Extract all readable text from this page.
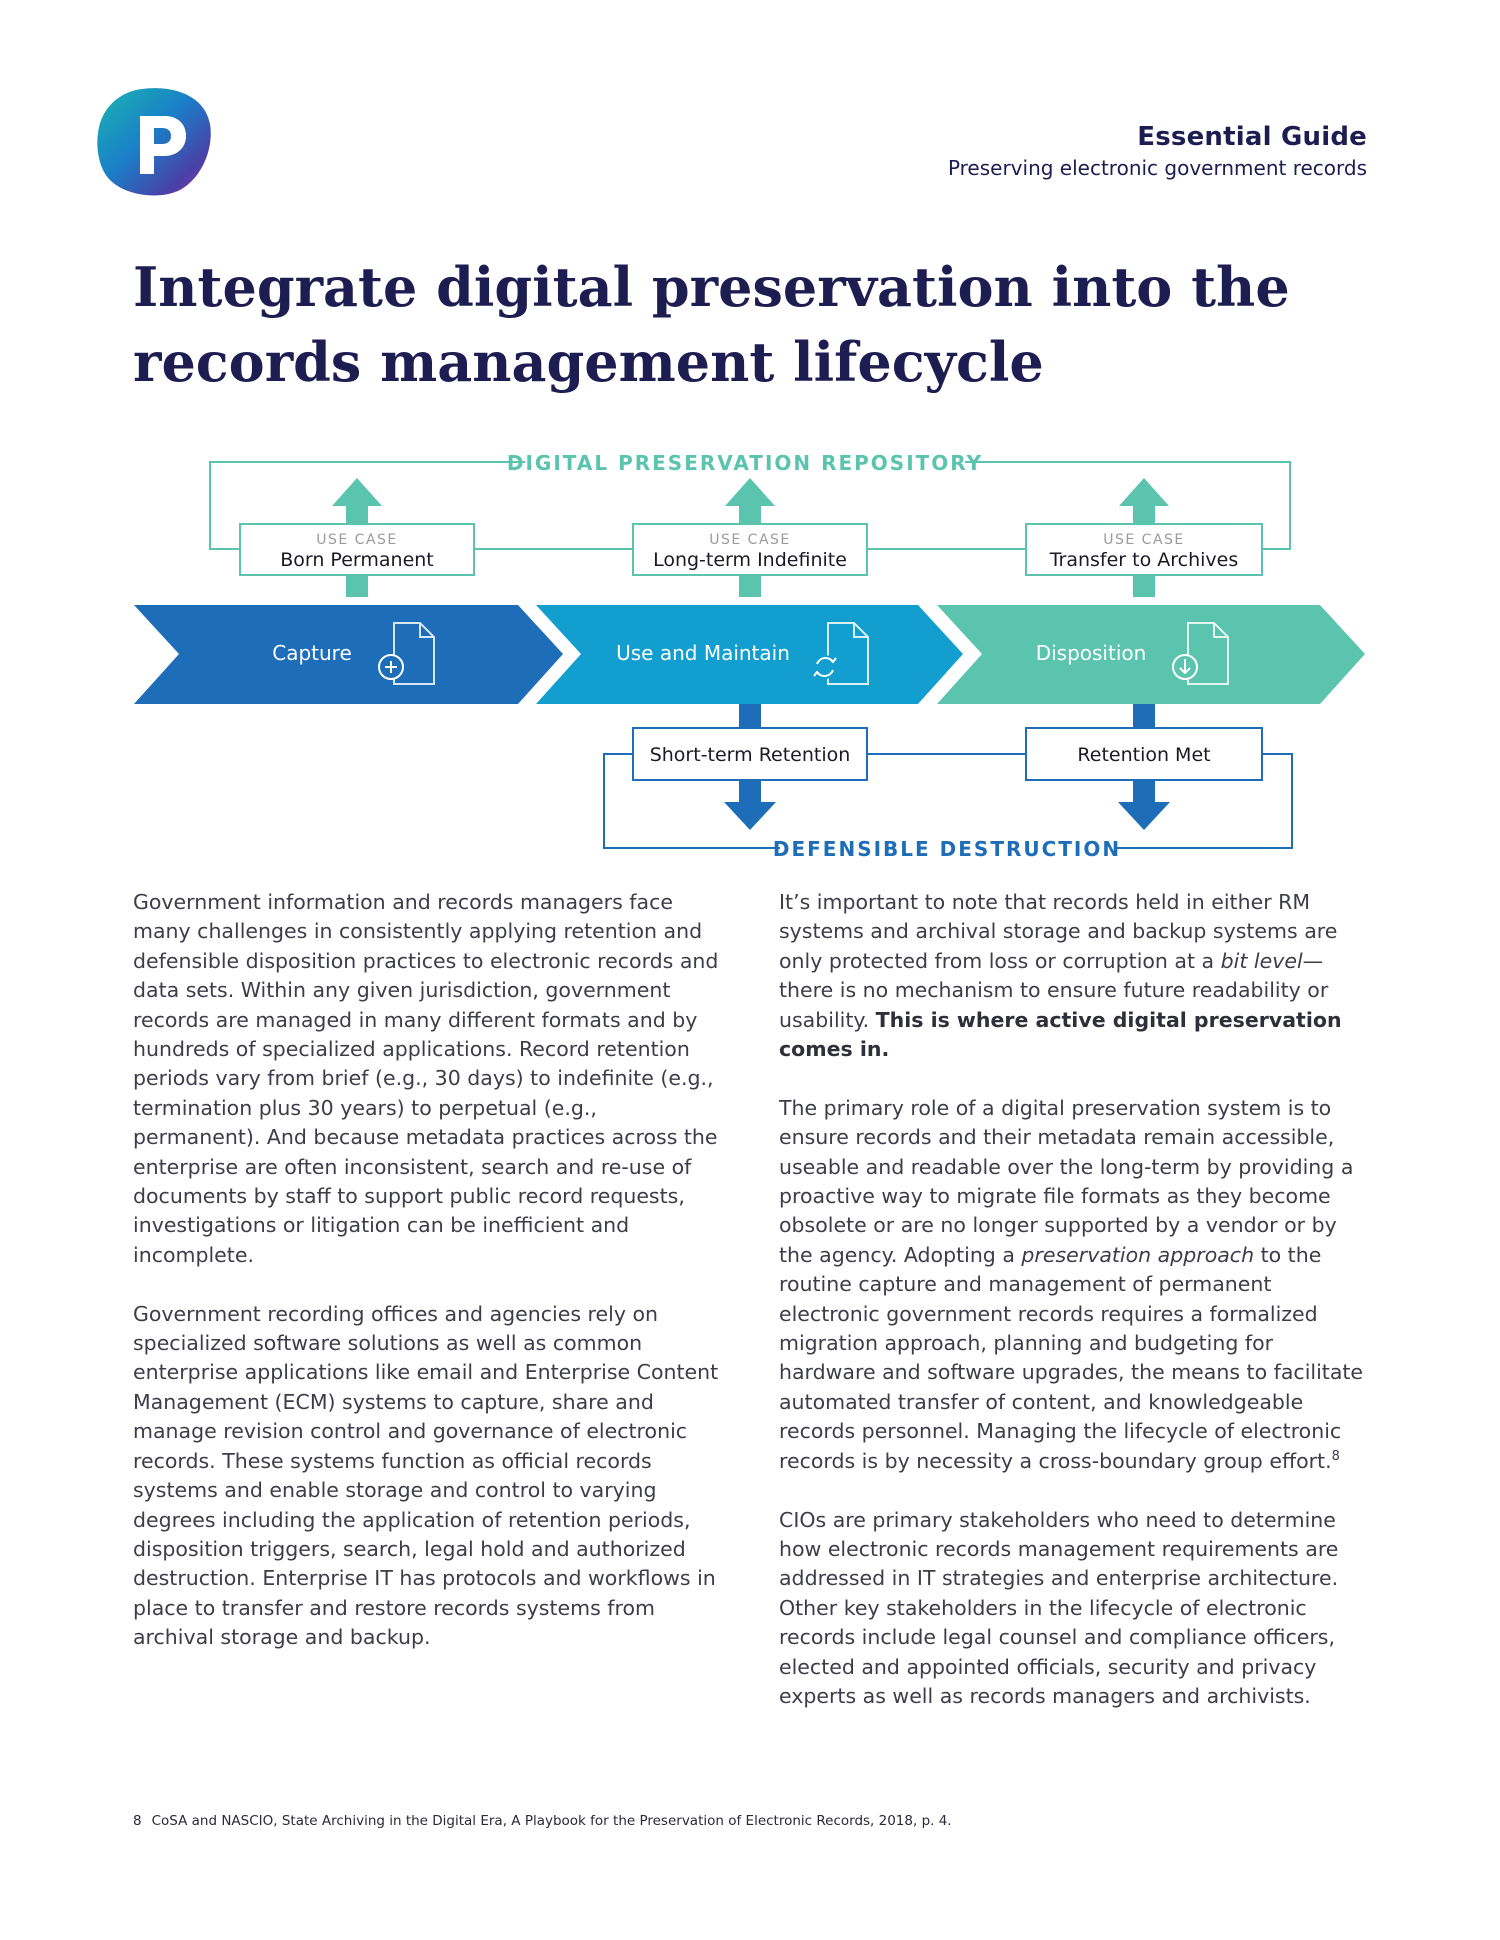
Essential Guide
Preserving electronic government records
Integrate digital preservation into the
records management lifecycle
DIGITAL PRESERVATION REPOSITORY
USE CASE
Born Permanent
USE CASE
Long-term Indefinite
USE CASE
Transfer to Archives
Capture	Use and Maintain	Disposition
Short-term Retention	Retention Met
DEFENSIBLE DESTRUCTION

Government information and records managers face many challenges in consistently applying retention and defensible disposition practices to electronic records and data sets. Within any given jurisdiction, government records are managed in many different formats and by hundreds of specialized applications. Record retention periods vary from brief (e.g., 30 days) to indefinite (e.g., termination plus 30 years) to perpetual (e.g., permanent). And because metadata practices across the enterprise are often inconsistent, search and re-use of documents by staff to support public record requests, investigations or litigation can be inefficient and incomplete.

Government recording offices and agencies rely on specialized software solutions as well as common enterprise applications like email and Enterprise Content Management (ECM) systems to capture, share and manage revision control and governance of electronic records. These systems function as official records systems and enable storage and control to varying degrees including the application of retention periods, disposition triggers, search, legal hold and authorized destruction. Enterprise IT has protocols and workflows in place to transfer and restore records systems from archival storage and backup.

It’s important to note that records held in either RM systems and archival storage and backup systems are only protected from loss or corruption at a bit level—there is no mechanism to ensure future readability or usability. This is where active digital preservation comes in.

The primary role of a digital preservation system is to ensure records and their metadata remain accessible, useable and readable over the long-term by providing a proactive way to migrate file formats as they become obsolete or are no longer supported by a vendor or by the agency. Adopting a preservation approach to the routine capture and management of permanent electronic government records requires a formalized migration approach, planning and budgeting for hardware and software upgrades, the means to facilitate automated transfer of content, and knowledgeable records personnel. Managing the lifecycle of electronic records is by necessity a cross-boundary group effort.$^8$

CIOs are primary stakeholders who need to determine how electronic records management requirements are addressed in IT strategies and enterprise architecture. Other key stakeholders in the lifecycle of electronic records include legal counsel and compliance officers, elected and appointed officials, security and privacy experts as well as records managers and archivists.

8 CoSA and NASCIO, State Archiving in the Digital Era, A Playbook for the Preservation of Electronic Records, 2018, p. 4.
